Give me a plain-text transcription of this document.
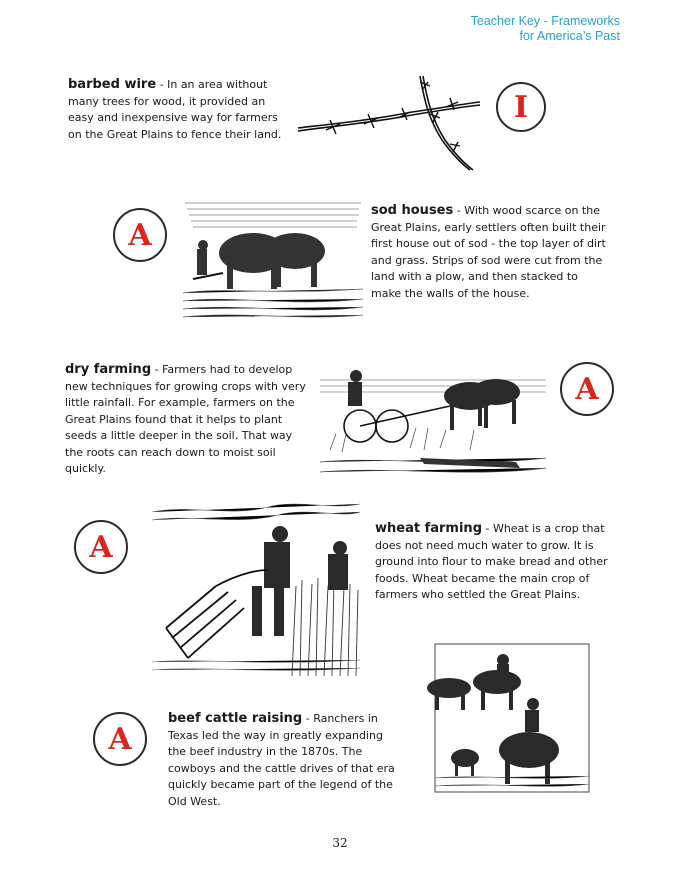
Teacher Key - Frameworks
for America’s Past
barbed wire - In an area without many trees for wood, it provided an easy and inexpensive way for farmers on the Great Plains to fence their land.
I
A
sod houses - With wood scarce on the Great Plains, early settlers often built their first house out of sod - the top layer of dirt and grass. Strips of sod were cut from the land with a plow, and then stacked to make the walls of the house.
dry farming - Farmers had to develop new techniques for growing crops with very little rainfall. For example, farmers on the Great Plains found that it helps to plant seeds a little deeper in the soil. That way the roots can reach down to moist soil quickly.
A
A
wheat farming - Wheat is a crop that does not need much water to grow. It is ground into flour to make bread and other foods. Wheat became the main crop of farmers who settled the Great Plains.
A
beef cattle raising - Ranchers in Texas led the way in greatly expanding the beef industry in the 1870s. The cowboys and the cattle drives of that era quickly became part of the legend of the Old West.
32
